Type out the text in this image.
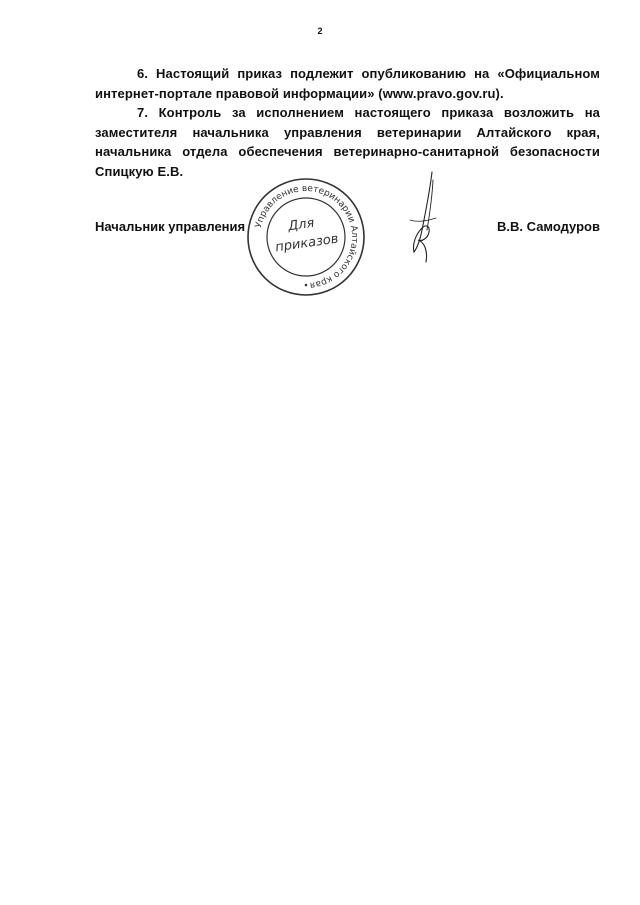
2

6. Настоящий приказ подлежит опубликованию на «Официальном интернет-портале правовой информации» (www.pravo.gov.ru).

7. Контроль за исполнением настоящего приказа возложить на заместителя начальника управления ветеринарии Алтайского края, начальника отдела обеспечения ветеринарно-санитарной безопасности Спицкую Е.В.

Начальник управления	В.В. Самодуров
Управление ветеринарии Алтайского края
Для
приказов
